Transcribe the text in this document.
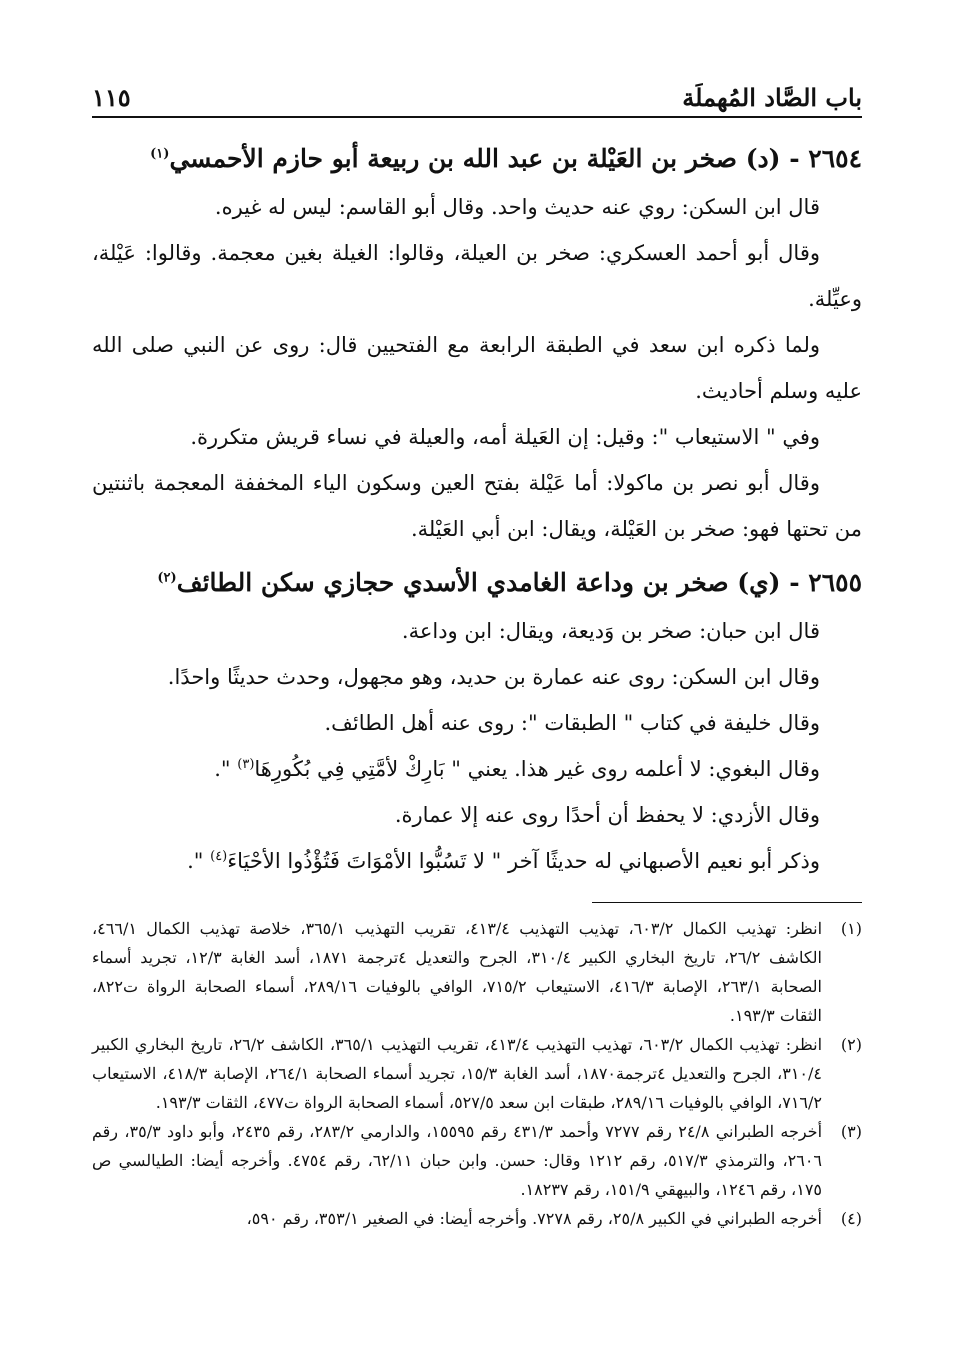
باب الصَّاد المُهملَة
١١٥

٢٦٥٤ - (د) صخر بن العَيْلة بن عبد الله بن ربيعة أبو حازم الأحمسي$^{(١)}$

قال ابن السكن: روي عنه حديث واحد. وقال أبو القاسم: ليس له غيره.

وقال أبو أحمد العسكري: صخر بن العيلة، وقالوا: الغيلة بغين معجمة. وقالوا: عَيْلة، وعيِّلة.

ولما ذكره ابن سعد في الطبقة الرابعة مع الفتحيين قال: روى عن النبي صلى الله عليه وسلم أحاديث.

وفي " الاستيعاب ": وقيل: إن العَيلة أمه، والعيلة في نساء قريش متكررة.

وقال أبو نصر بن ماكولا: أما عَيْلة بفتح العين وسكون الياء المخففة المعجمة باثنتين من تحتها فهو: صخر بن العَيْلة، ويقال: ابن أبي العَيْلة.

٢٦٥٥ - (ي) صخر بن وداعة الغامدي الأسدي حجازي سكن الطائف$^{(٢)}$

قال ابن حبان: صخر بن وَديعة، ويقال: ابن وداعة.

وقال ابن السكن: روى عنه عمارة بن حديد، وهو مجهول، وحدث حديثًا واحدًا.

وقال خليفة في كتاب " الطبقات ": روى عنه أهل الطائف.

وقال البغوي: لا أعلمه روى غير هذا. يعني " بَارِكْ لأمَّتِي فِي بُكُورِهَا$^{(٣)}$ ".

وقال الأزدي: لا يحفظ أن أحدًا روى عنه إلا عمارة.

وذكر أبو نعيم الأصبهاني له حديثًا آخر " لا تَسُبُّوا الأمْوَاتَ فَتُؤْذُوا الأحْيَاءَ$^{(٤)}$ ".

(١)
انظر: تهذيب الكمال ٦٠٣/٢، تهذيب التهذيب ٤١٣/٤، تقريب التهذيب ٣٦٥/١، خلاصة تهذيب الكمال ٤٦٦/١، الكاشف ٢٦/٢، تاريخ البخاري الكبير ٣١٠/٤، الجرح والتعديل ٤ترجمة ١٨٧١، أسد الغابة ١٢/٣، تجريد أسماء الصحابة ٢٦٣/١، الإصابة ٤١٦/٣، الاستيعاب ٧١٥/٢، الوافي بالوفيات ٢٨٩/١٦، أسماء الصحابة الرواة ت٨٢٢، الثقات ١٩٣/٣.

(٢)
انظر: تهذيب الكمال ٦٠٣/٢، تهذيب التهذيب ٤١٣/٤، تقريب التهذيب ٣٦٥/١، الكاشف ٢٦/٢، تاريخ البخاري الكبير ٣١٠/٤، الجرح والتعديل ٤ترجمة١٨٧٠، أسد الغابة ١٥/٣، تجريد أسماء الصحابة ٢٦٤/١، الإصابة ٤١٨/٣، الاستيعاب ٧١٦/٢، الوافي بالوفيات ٢٨٩/١٦، طبقات ابن سعد ٥٢٧/٥، أسماء الصحابة الرواة ت٤٧٧، الثقات ١٩٣/٣.

(٣)
أخرجه الطبراني ٢٤/٨ رقم ٧٢٧٧ وأحمد ٤٣١/٣ رقم ١٥٥٩٥، والدارمي ٢٨٣/٢، رقم ٢٤٣٥، وأبو داود ٣٥/٣، رقم ٢٦٠٦، والترمذي ٥١٧/٣، رقم ١٢١٢ وقال: حسن. وابن حبان ٦٢/١١، رقم ٤٧٥٤. وأخرجه أيضا: الطيالسي ص ١٧٥، رقم ١٢٤٦، والبيهقي ١٥١/٩، رقم ١٨٢٣٧.

(٤)
أخرجه الطبراني في الكبير ٢٥/٨، رقم ٧٢٧٨. وأخرجه أيضا: في الصغير ٣٥٣/١، رقم ٥٩٠،
